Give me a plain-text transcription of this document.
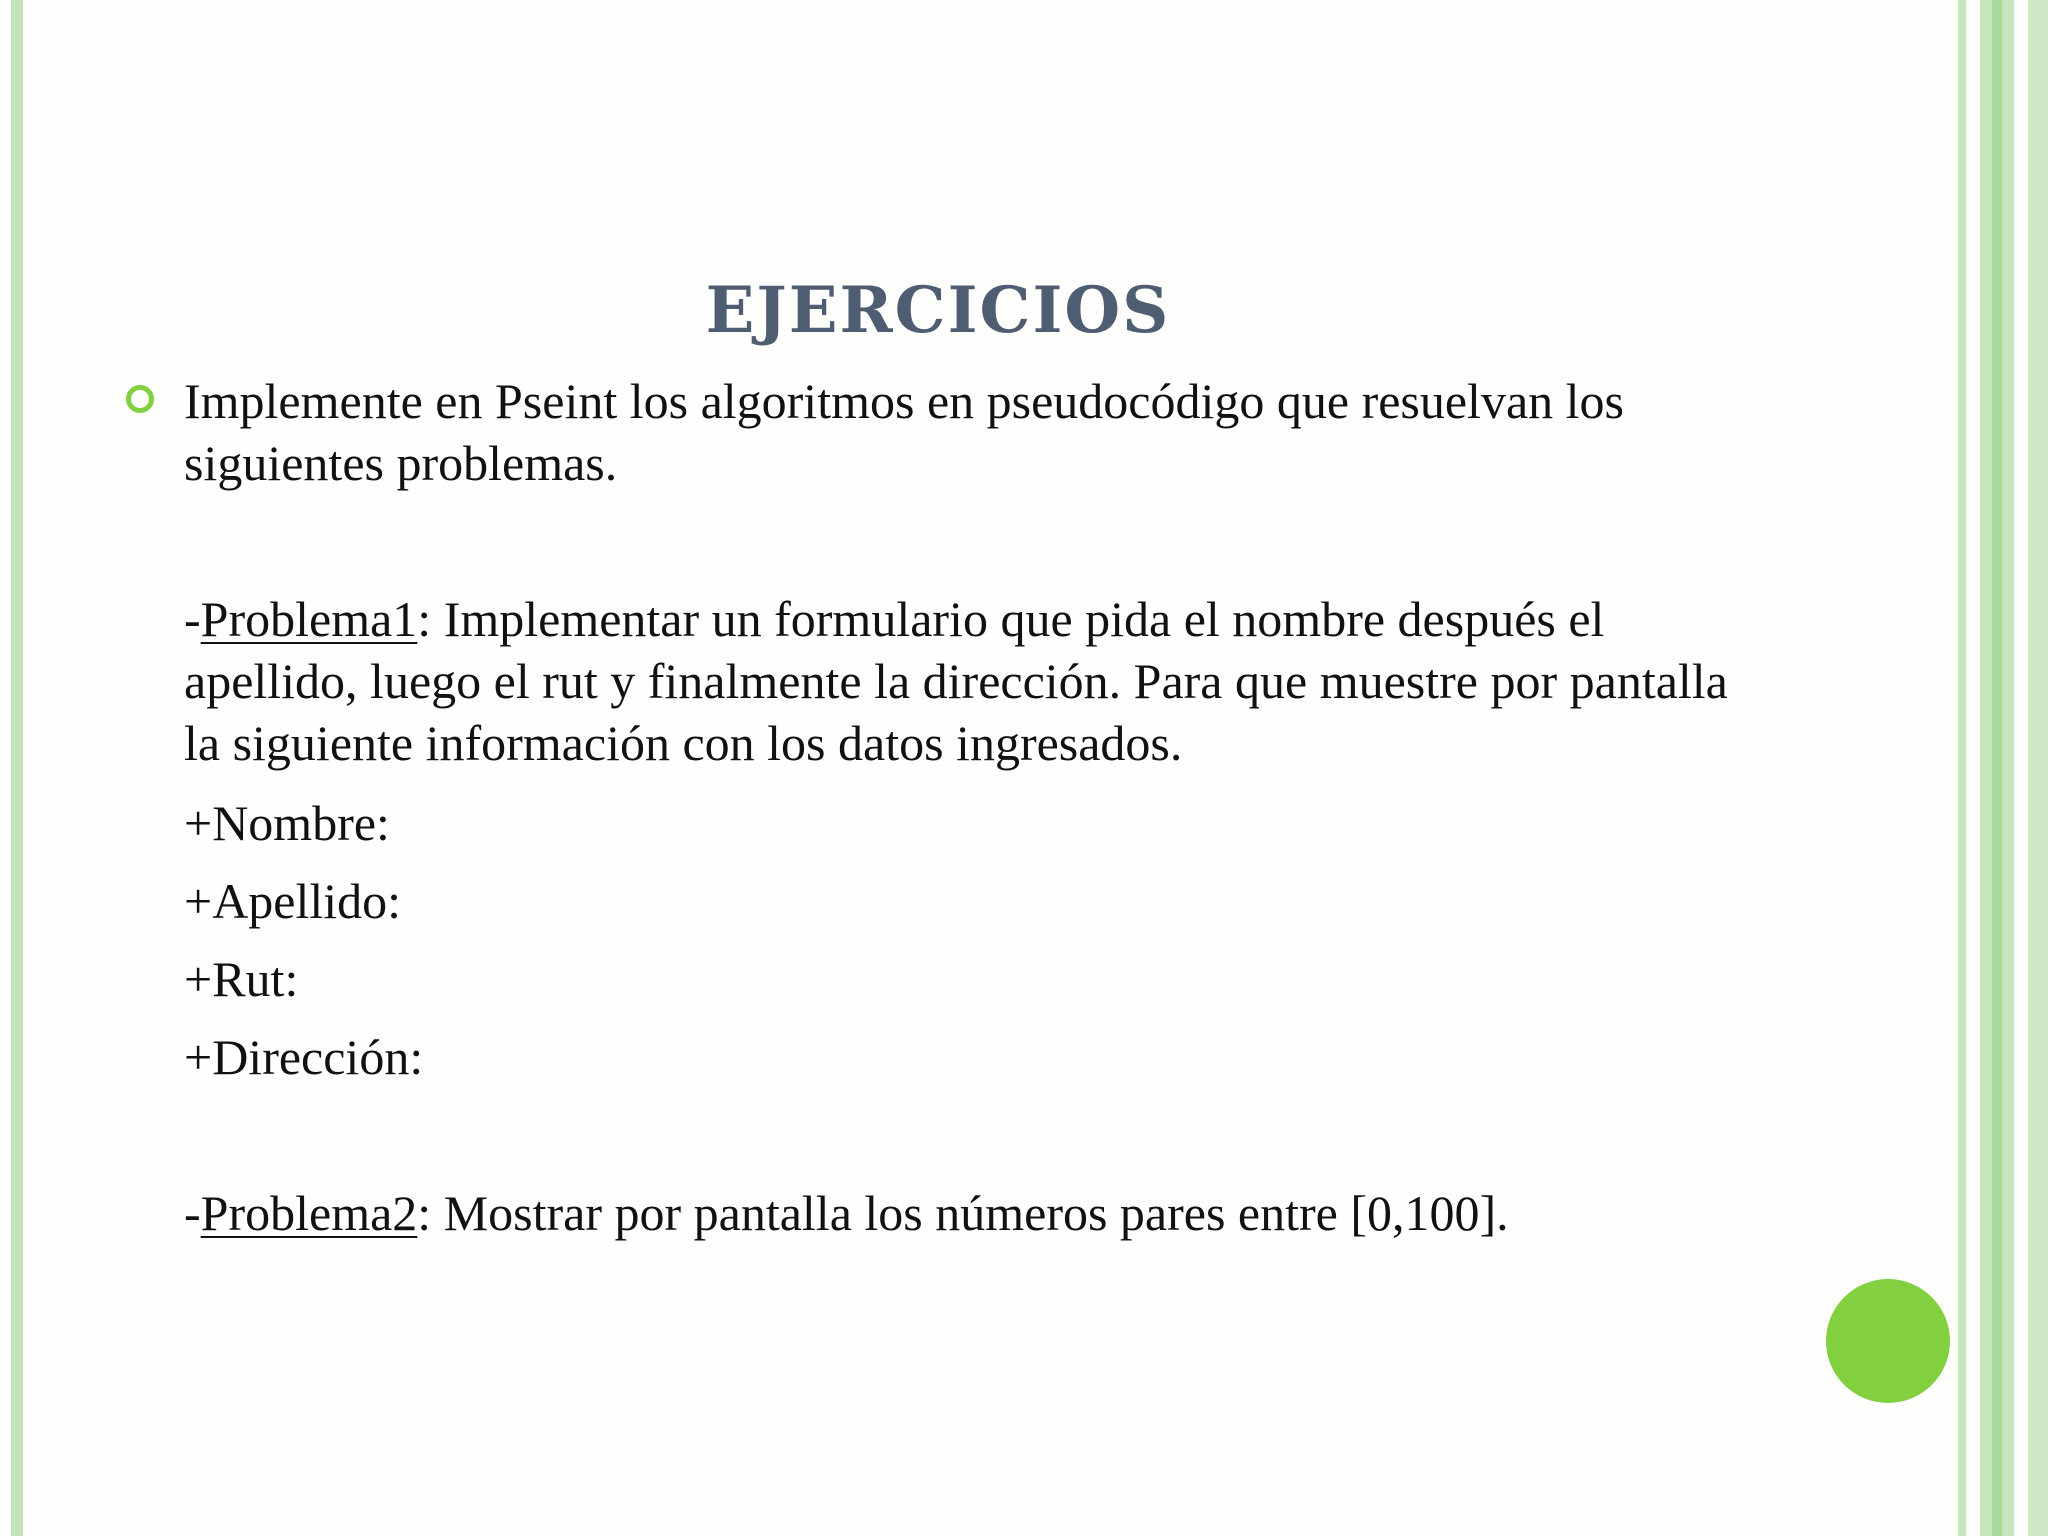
EJERCICIOS

Implemente en Pseint los algoritmos en pseudocódigo que resuelvan los siguientes problemas.

-Problema1: Implementar un formulario que pida el nombre después el apellido, luego el rut y finalmente la dirección. Para que muestre por pantalla la siguiente información con los datos ingresados.

+Nombre:

+Apellido:

+Rut:

+Dirección:

-Problema2: Mostrar por pantalla los números pares entre [0,100].
